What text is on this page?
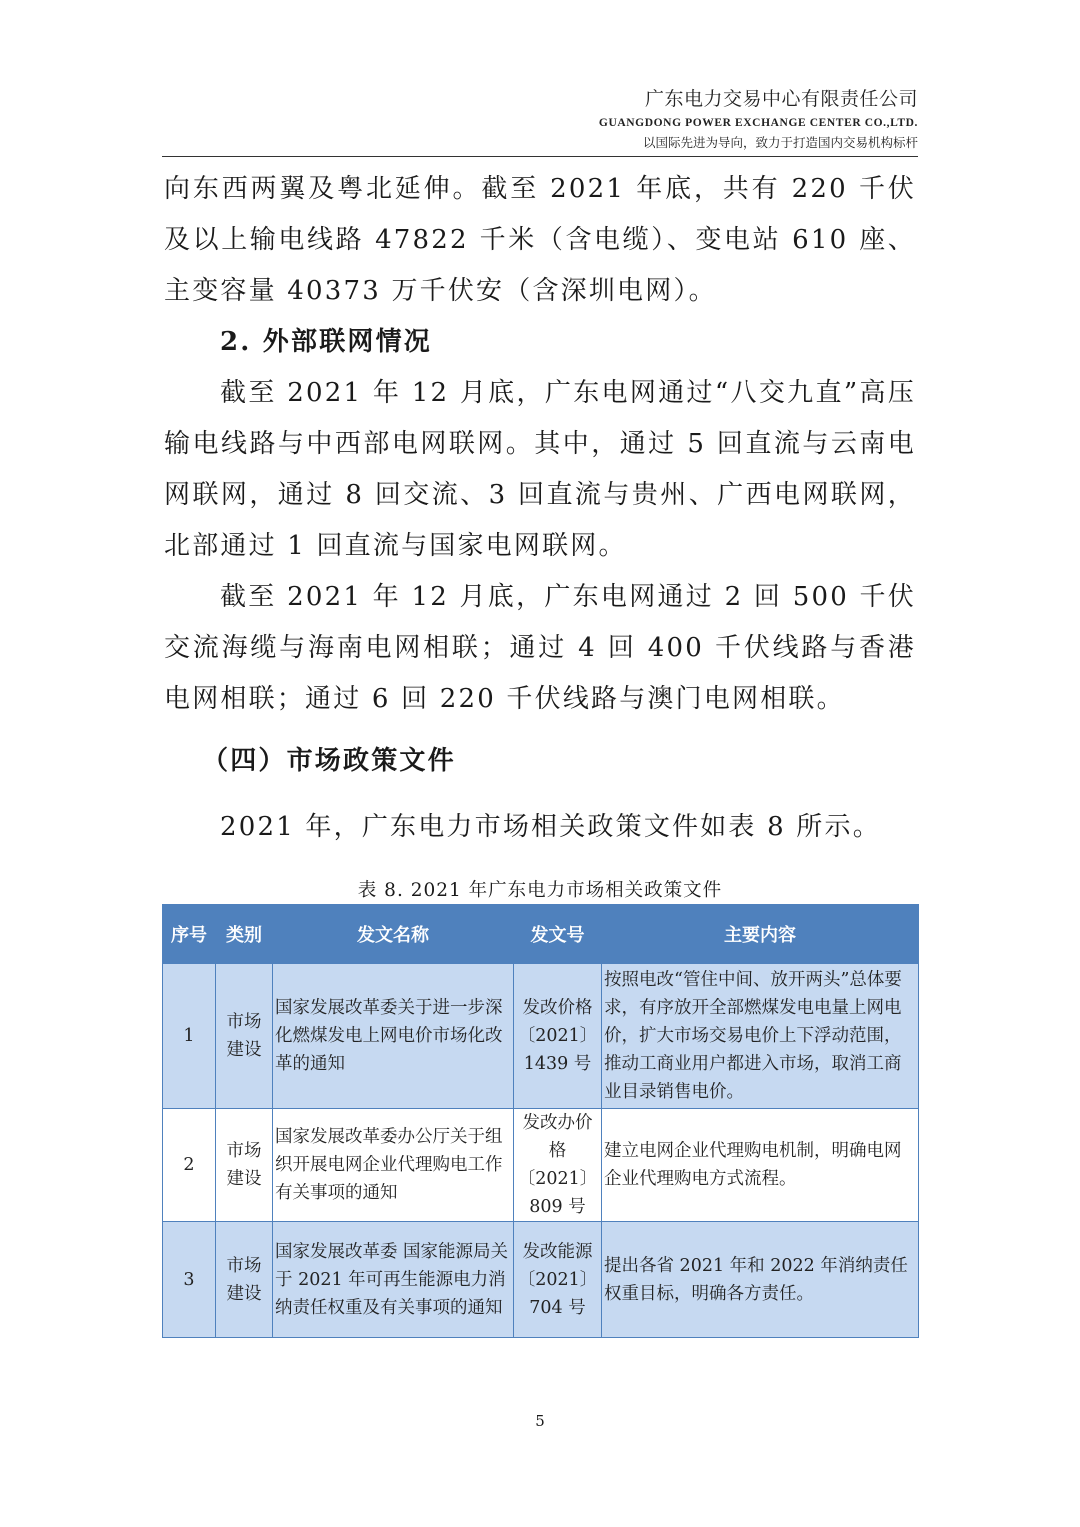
广东电力交易中心有限责任公司
GUANGDONG POWER EXCHANGE CENTER CO.,LTD.
以国际先进为导向，致力于打造国内交易机构标杆

向东西两翼及粤北延伸。截至 2021 年底，共有 220 千伏及以上输电线路 47822 千米（含电缆）、变电站 610 座、主变容量 40373 万千伏安（含深圳电网）。

2. 外部联网情况

截至 2021 年 12 月底，广东电网通过“八交九直”高压输电线路与中西部电网联网。其中，通过 5 回直流与云南电网联网，通过 8 回交流、3 回直流与贵州、广西电网联网，北部通过 1 回直流与国家电网联网。

截至 2021 年 12 月底，广东电网通过 2 回 500 千伏交流海缆与海南电网相联；通过 4 回 400 千伏线路与香港电网相联；通过 6 回 220 千伏线路与澳门电网相联。

（四）市场政策文件

2021 年，广东电力市场相关政策文件如表 8 所示。

表 8. 2021 年广东电力市场相关政策文件
序号	类别	发文名称	发文号	主要内容
1	市场建设	国家发展改革委关于进一步深化燃煤发电上网电价市场化改革的通知	发改价格〔2021〕1439 号	按照电改“管住中间、放开两头”总体要求，有序放开全部燃煤发电电量上网电价，扩大市场交易电价上下浮动范围，推动工商业用户都进入市场，取消工商业目录销售电价。
2	市场建设	国家发展改革委办公厅关于组织开展电网企业代理购电工作有关事项的通知	发改办价格〔2021〕809 号	建立电网企业代理购电机制，明确电网企业代理购电方式流程。
3	市场建设	国家发展改革委 国家能源局关于 2021 年可再生能源电力消纳责任权重及有关事项的通知	发改能源〔2021〕704 号	提出各省 2021 年和 2022 年消纳责任权重目标，明确各方责任。
5
